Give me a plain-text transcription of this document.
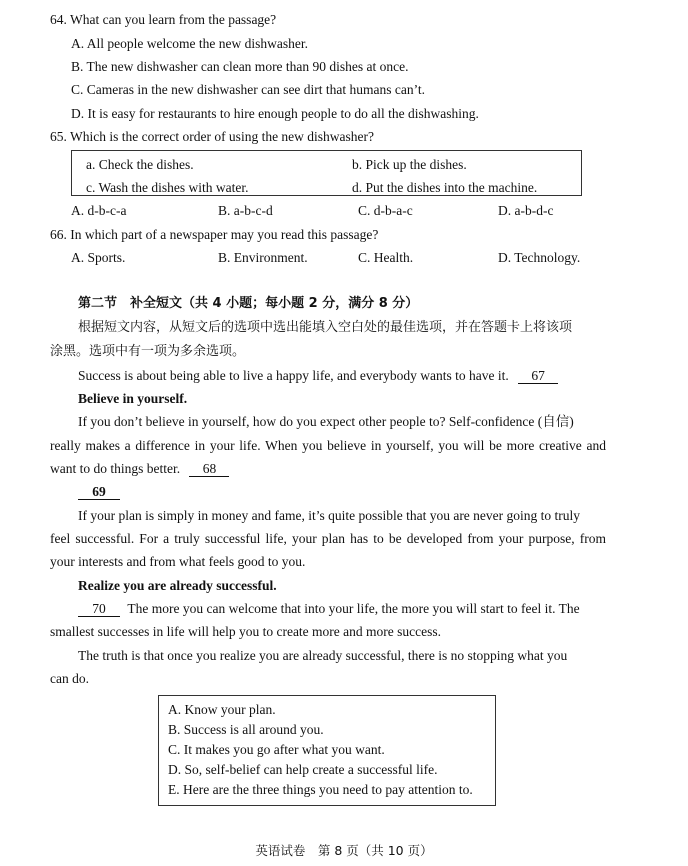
64. What can you learn from the passage?
A. All people welcome the new dishwasher.
B. The new dishwasher can clean more than 90 dishes at once.
C. Cameras in the new dishwasher can see dirt that humans can’t.
D. It is easy for restaurants to hire enough people to do all the dishwashing.
65. Which is the correct order of using the new dishwasher?
a. Check the dishes.	b. Pick up the dishes.
c. Wash the dishes with water.	d. Put the dishes into the machine.
A. d-b-c-a	B. a-b-c-d	C. d-b-a-c	D. a-b-d-c
66. In which part of a newspaper may you read this passage?
A. Sports.	B. Environment.	C. Health.	D. Technology.
第二节　补全短文（共 4 小题；每小题 2 分，满分 8 分）
根据短文内容，从短文后的选项中选出能填入空白处的最佳选项，并在答题卡上将该项
涂黑。选项中有一项为多余选项。
Success is about being able to live a happy life, and everybody wants to have it. 67
Believe in yourself.
If you don’t believe in yourself, how do you expect other people to? Self-confidence (自信)
really makes a difference in your life. When you believe in yourself, you will be more creative and
want to do things better. 68
69
If your plan is simply in money and fame, it’s quite possible that you are never going to truly
feel successful. For a truly successful life, your plan has to be developed from your purpose, from
your interests and from what feels good to you.
Realize you are already successful.
70 The more you can welcome that into your life, the more you will start to feel it. The
smallest successes in life will help you to create more and more success.
The truth is that once you realize you are already successful, there is no stopping what you
can do.
A. Know your plan.
B. Success is all around you.
C. It makes you go after what you want.
D. So, self-belief can help create a successful life.
E. Here are the three things you need to pay attention to.
英语试卷　第 8 页（共 10 页）
